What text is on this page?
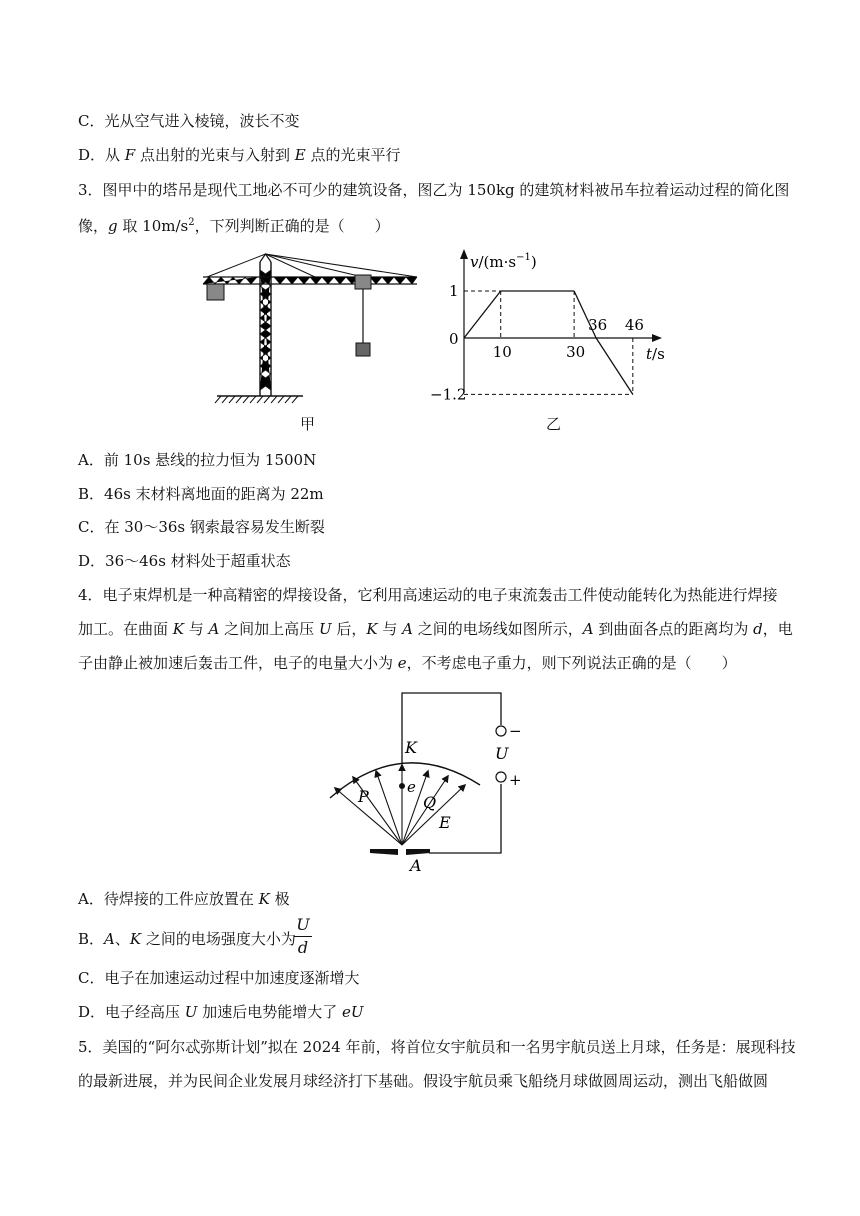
C．光从空气进入棱镜，波长不变
D．从 F 点出射的光束与入射到 E 点的光束平行
3．图甲中的塔吊是现代工地必不可少的建筑设备，图乙为 150kg 的建筑材料被吊车拉着运动过程的简化图
像，g 取 $10m/s^2$，下列判断正确的是（　　）
甲
$v/(m\cdot s^{-1})$
t/s
0
10	30
36 46
1
−1.2
乙
A．前 10s 悬线的拉力恒为 1500N
B．46s 末材料离地面的距离为 22m
C．在 30～36s 钢索最容易发生断裂
D．36～46s 材料处于超重状态
4．电子束焊机是一种高精密的焊接设备，它利用高速运动的电子束流轰击工件使动能转化为热能进行焊接
加工。在曲面 K 与 A 之间加上高压 U 后，K 与 A 之间的电场线如图所示，A 到曲面各点的距离均为 d，电
子由静止被加速后轰击工件，电子的电量大小为 e，不考虑电子重力，则下列说法正确的是（　　）
−
+
U
K
e
P	Q
E
A
A．待焊接的工件应放置在 K 极
B．A、K 之间的电场强度大小为
U
d
C．电子在加速运动过程中加速度逐渐增大
D．电子经高压 U 加速后电势能增大了 eU
5．美国的“阿尔忒弥斯计划”拟在 2024 年前，将首位女宇航员和一名男宇航员送上月球，任务是：展现科技
的最新进展，并为民间企业发展月球经济打下基础。假设宇航员乘飞船绕月球做圆周运动，测出飞船做圆
